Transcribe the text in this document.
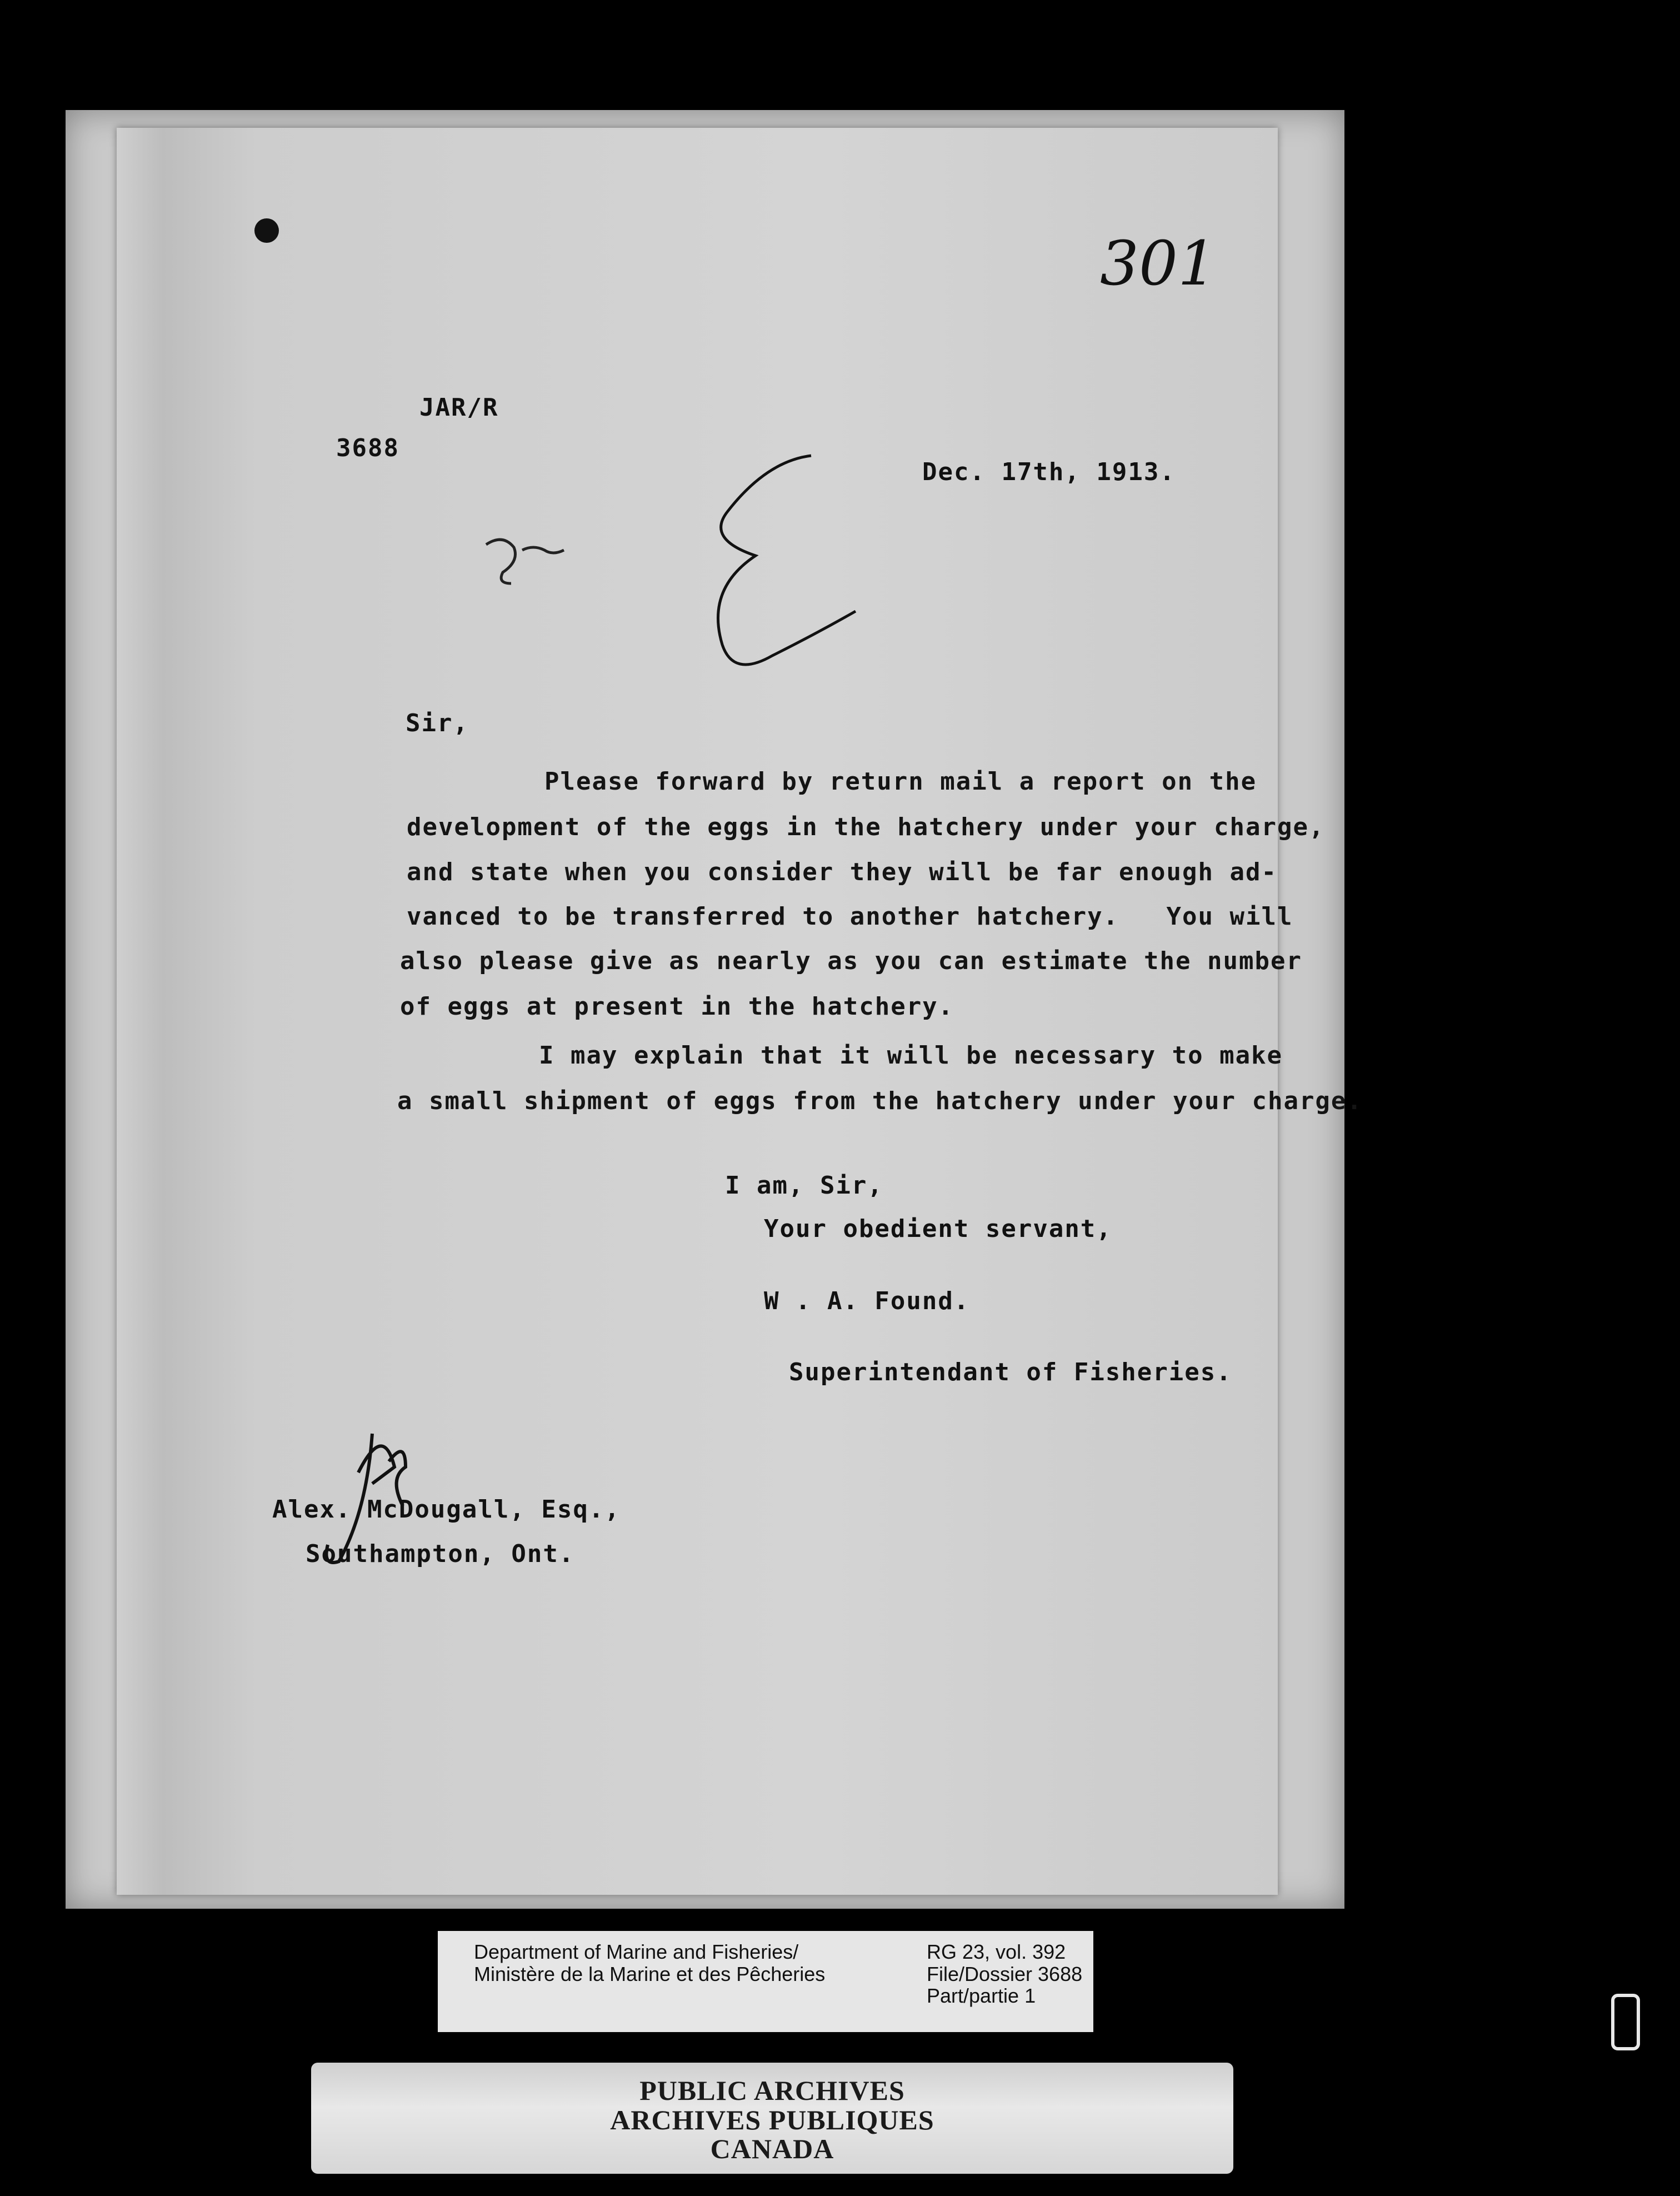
301
JAR/R
3688
Dec. 17th, 1913.
Sir,
Please forward by return mail a report on the
development of the eggs in the hatchery under your charge,
and state when you consider they will be far enough ad-
vanced to be transferred to another hatchery.   You will
also please give as nearly as you can estimate the number
of eggs at present in the hatchery.
I may explain that it will be necessary to make
a small shipment of eggs from the hatchery under your charge.
I am, Sir,
Your obedient servant,
W . A. Found.
Superintendant of Fisheries.
Alex. McDougall, Esq.,
Southampton, Ont.
Department of Marine and Fisheries/
Ministère de la Marine et des Pêcheries
RG 23, vol. 392
File/Dossier 3688
Part/partie 1
PUBLIC ARCHIVES
ARCHIVES PUBLIQUES
CANADA
